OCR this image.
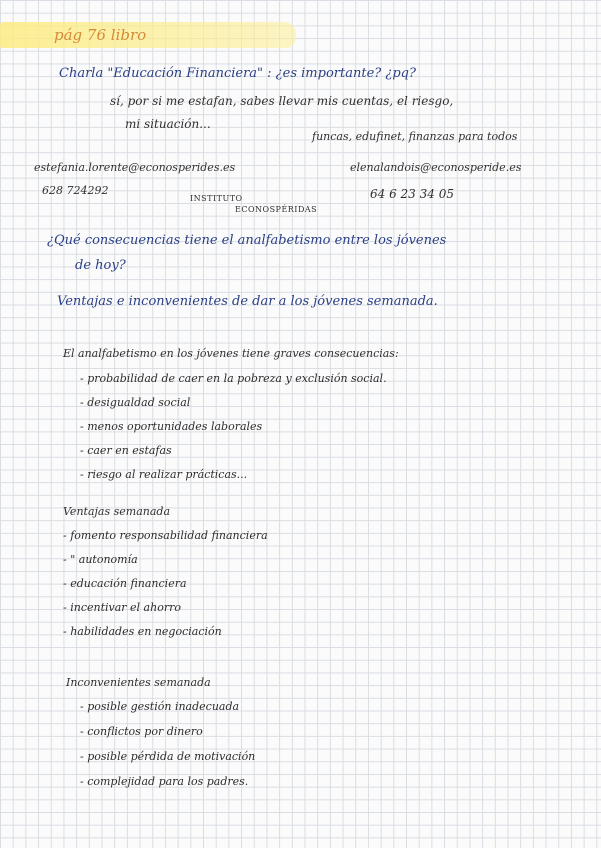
pág 76 libro
Charla "Educación Financiera" : ¿es importante? ¿pq?
sí, por si me estafan, sabes llevar mis cuentas, el riesgo,
mi situación...
funcas, edufinet, finanzas para todos
estefania.lorente@econosperides.es
628 724292
INSTITUTO
ECONOSPÉRIDAS
elenalandois@econosperide.es
64 6 23 34 05
¿Qué consecuencias tiene el analfabetismo entre los jóvenes
de hoy?
Ventajas e inconvenientes de dar a los jóvenes semanada.
El analfabetismo en los jóvenes tiene graves consecuencias:
- probabilidad de caer en la pobreza y exclusión social.
- desigualdad social
- menos oportunidades laborales
- caer en estafas
- riesgo al realizar prácticas...
Ventajas semanada
- fomento responsabilidad financiera
- " autonomía
- educación financiera
- incentivar el ahorro
- habilidades en negociación
Inconvenientes semanada
- posible gestión inadecuada
- conflictos por dinero
- posible pérdida de motivación
- complejidad para los padres.
